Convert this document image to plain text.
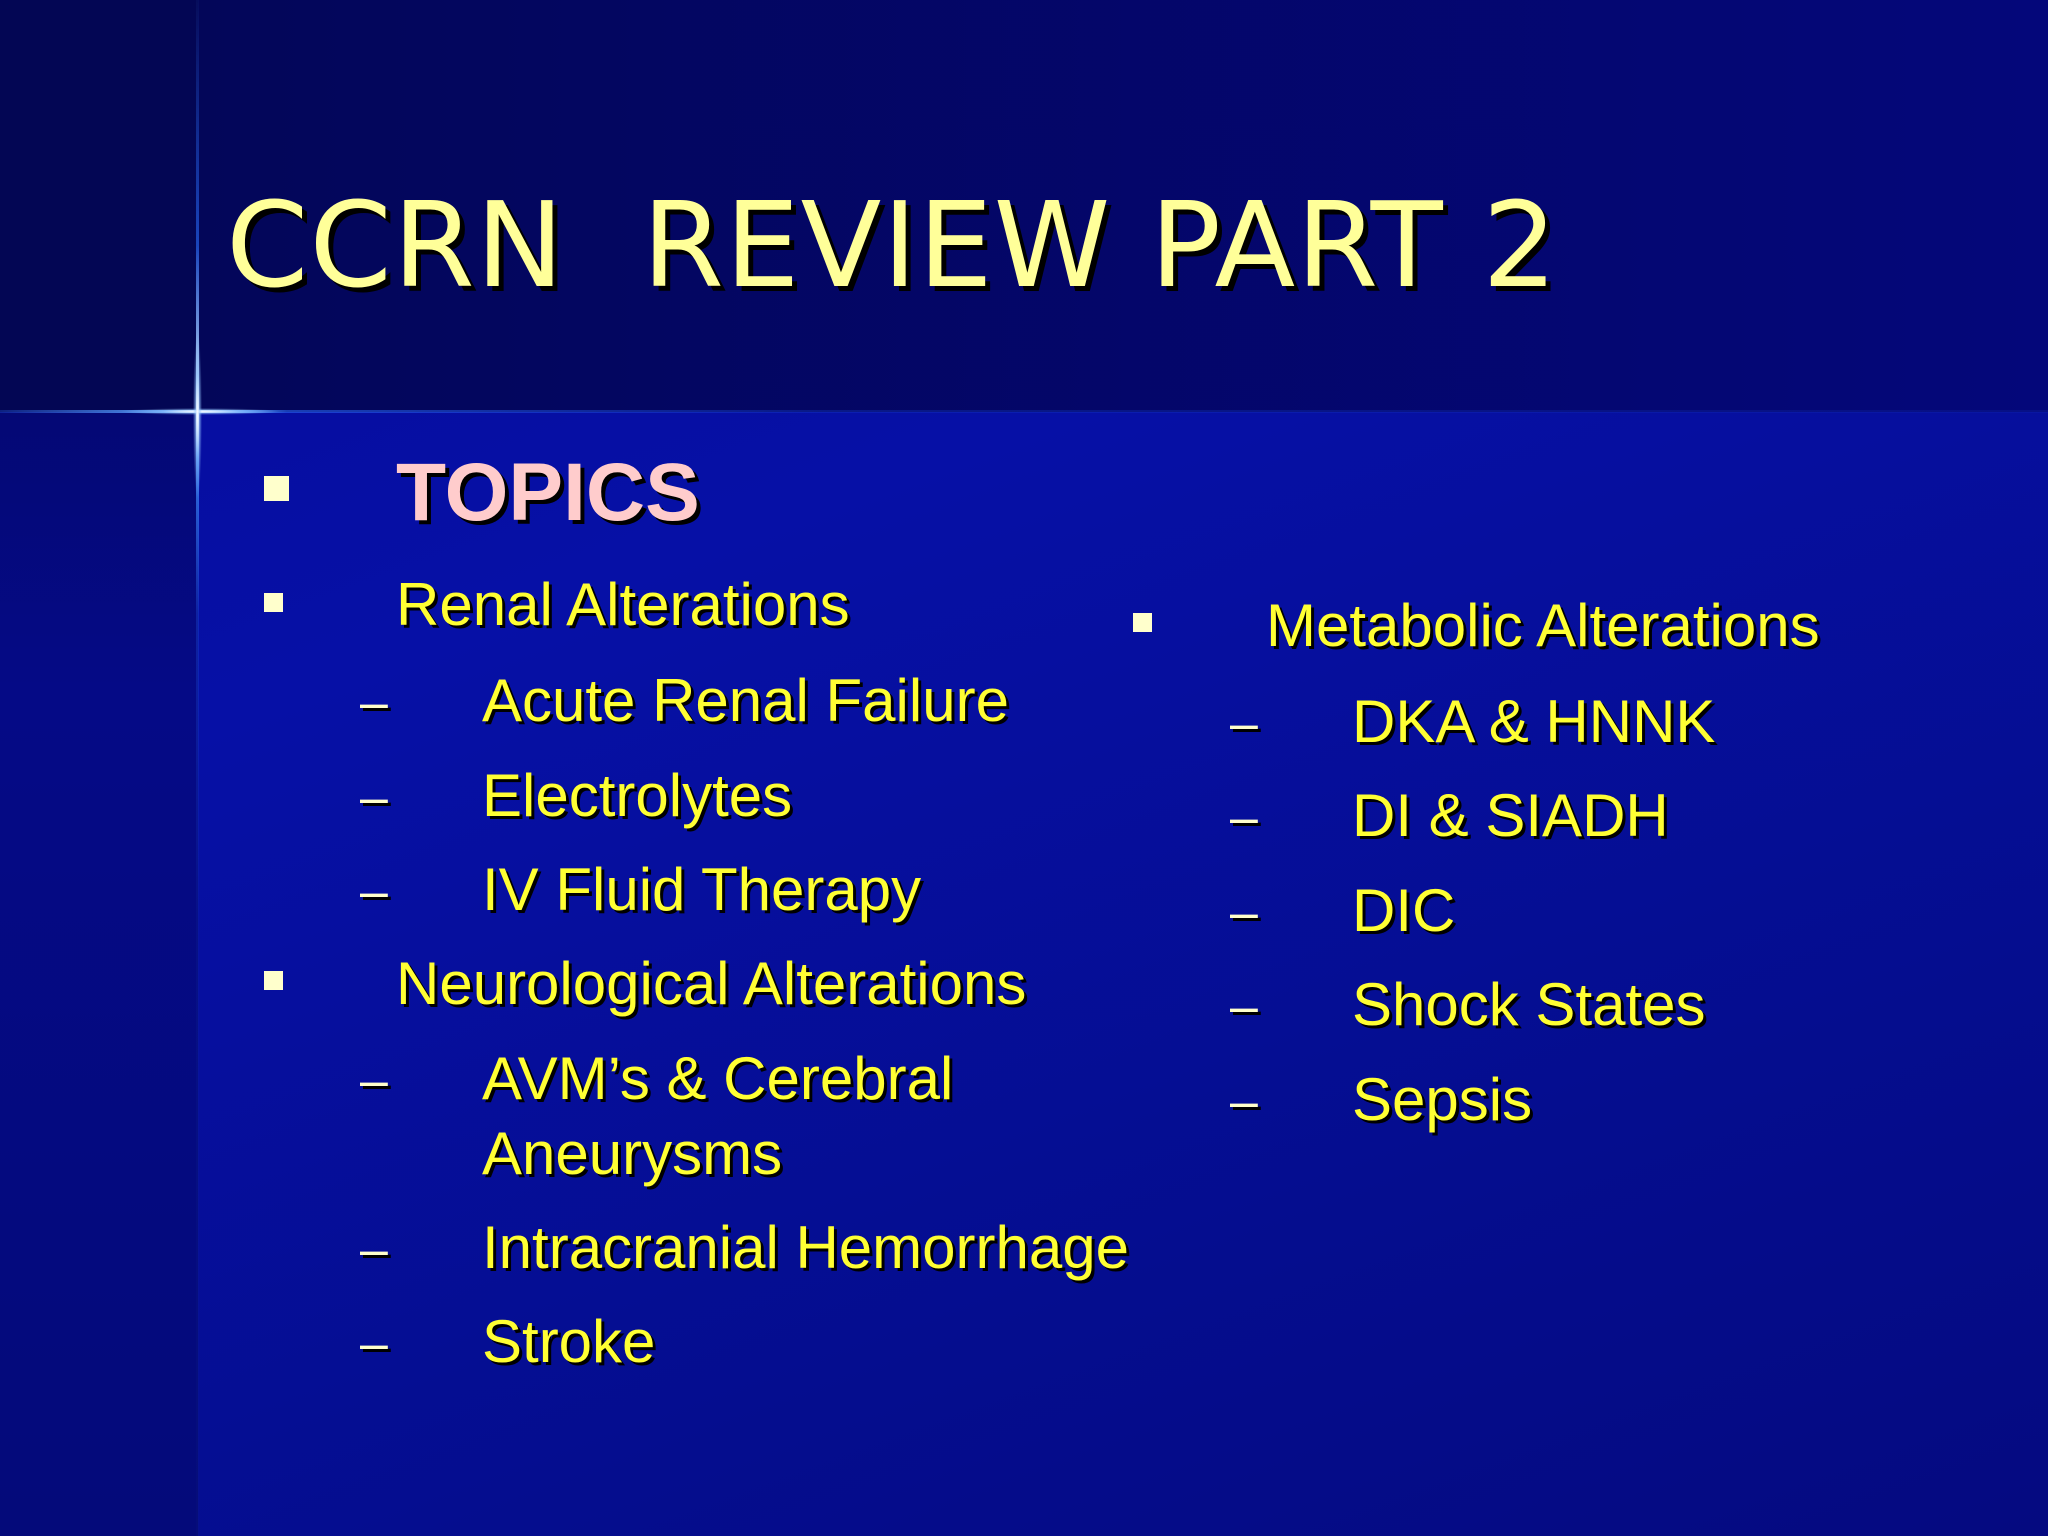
CCRN  REVIEW PART 2
TOPICS
Renal Alterations
– Acute Renal Failure
– Electrolytes
– IV Fluid Therapy
Neurological Alterations
– AVM’s & Cerebral
Aneurysms
– Intracranial Hemorrhage
– Stroke
Metabolic Alterations
– DKA & HNNK
– DI & SIADH
– DIC
– Shock States
– Sepsis
